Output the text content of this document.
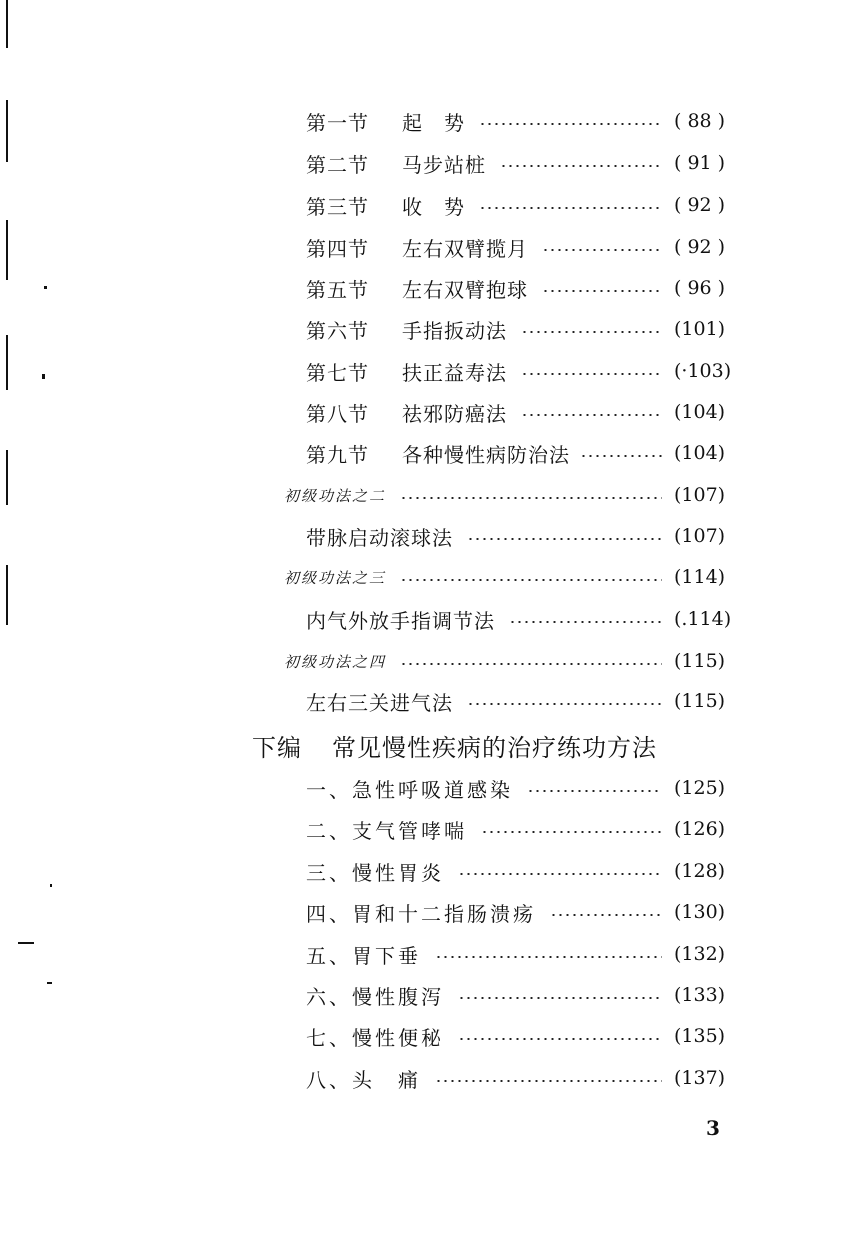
第一节 起　势	( 88 )
第二节 马步站桩	( 91 )
第三节 收　势	( 92 )
第四节 左右双臂揽月	( 92 )
第五节 左右双臂抱球	( 96 )
第六节 手指扳动法	(101)
第七节 扶正益寿法	(·103)
第八节 祛邪防癌法	(104)
第九节 各种慢性病防治法	(104)
初级功法之二	(107)
带脉启动滚球法	(107)
初级功法之三	(114)
内气外放手指调节法	(.114)
初级功法之四	(115)
左右三关进气法	(115)
下编 常见慢性疾病的治疗练功方法
一、急性呼吸道感染	(125)
二、支气管哮喘	(126)
三、慢性胃炎	(128)
四、胃和十二指肠溃疡	(130)
五、胃下垂	(132)
六、慢性腹泻	(133)
七、慢性便秘	(135)
八、头　痛	(137)
3
